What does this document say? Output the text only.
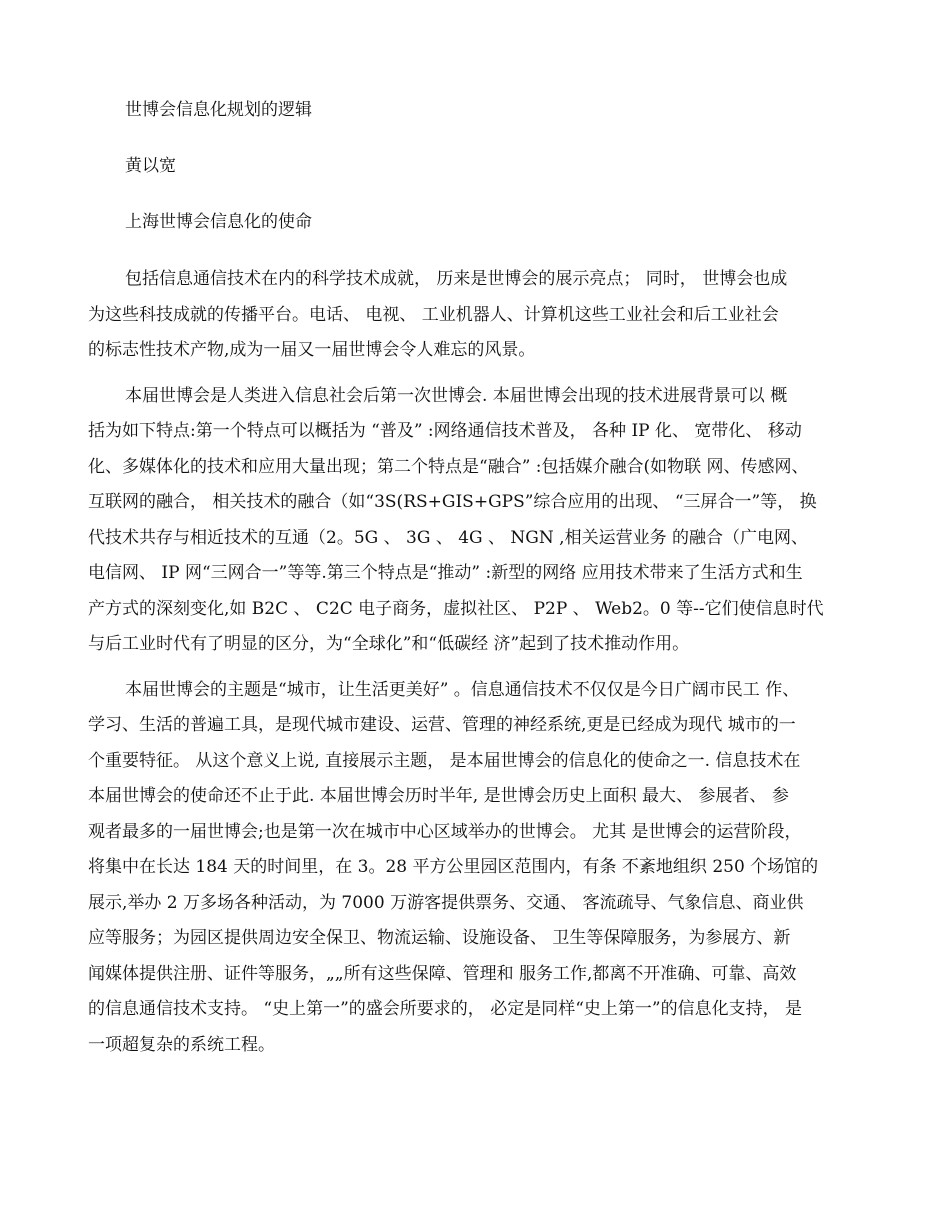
世博会信息化规划的逻辑

黄以宽

上海世博会信息化的使命

包括信息通信技术在内的科学技术成就， 历来是世博会的展示亮点； 同时， 世博会也成
为这些科技成就的传播平台。电话、 电视、 工业机器人、计算机这些工业社会和后工业社会
的标志性技术产物,成为一届又一届世博会令人难忘的风景。

本届世博会是人类进入信息社会后第一次世博会. 本届世博会出现的技术进展背景可以 概
括为如下特点:第一个特点可以概括为 “普及” :网络通信技术普及， 各种 IP 化、 宽带化、 移动
化、多媒体化的技术和应用大量出现；第二个特点是“融合” :包括媒介融合(如物联 网、传感网、
互联网的融合， 相关技术的融合（如“3S(RS+GIS+GPS”综合应用的出现、 “三屏合一”等， 换
代技术共存与相近技术的互通（2。5G 、 3G 、 4G 、 NGN ,相关运营业务 的融合（广电网、
电信网、 IP 网“三网合一”等等.第三个特点是“推动” :新型的网络 应用技术带来了生活方式和生
产方式的深刻变化,如 B2C 、 C2C 电子商务，虚拟社区、 P2P 、 Web2。0 等--它们使信息时代
与后工业时代有了明显的区分，为“全球化”和“低碳经 济”起到了技术推动作用。

本届世博会的主题是“城市，让生活更美好” 。信息通信技术不仅仅是今日广阔市民工 作、
学习、生活的普遍工具，是现代城市建设、运营、管理的神经系统,更是已经成为现代 城市的一
个重要特征。 从这个意义上说, 直接展示主题， 是本届世博会的信息化的使命之一. 信息技术在
本届世博会的使命还不止于此. 本届世博会历时半年, 是世博会历史上面积 最大、 参展者、 参
观者最多的一届世博会;也是第一次在城市中心区域举办的世博会。 尤其 是世博会的运营阶段，
将集中在长达 184 天的时间里，在 3。28 平方公里园区范围内，有条 不紊地组织 250 个场馆的
展示,举办 2 万多场各种活动，为 7000 万游客提供票务、交通、 客流疏导、气象信息、商业供
应等服务；为园区提供周边安全保卫、物流运输、设施设备、 卫生等保障服务，为参展方、新
闻媒体提供注册、证件等服务，„„所有这些保障、管理和 服务工作,都离不开准确、可靠、高效
的信息通信技术支持。 “史上第一”的盛会所要求的， 必定是同样“史上第一”的信息化支持， 是
一项超复杂的系统工程。
